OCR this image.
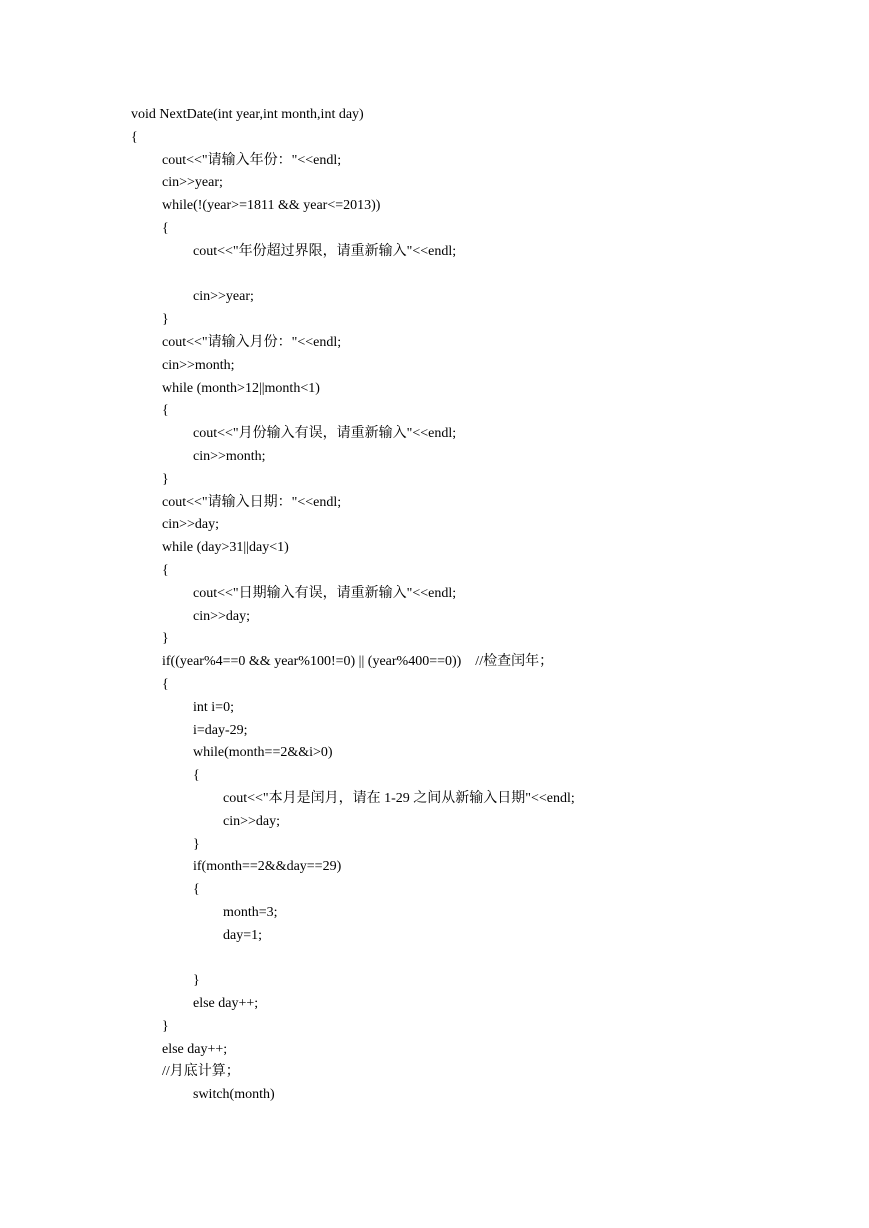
void NextDate(int year,int month,int day)
{
cout<<"请输入年份："<<endl;
cin>>year;
while(!(year>=1811 && year<=2013))
{
cout<<"年份超过界限，请重新输入"<<endl;
cin>>year;
}
cout<<"请输入月份："<<endl;
cin>>month;
while (month>12||month<1)
{
cout<<"月份输入有误，请重新输入"<<endl;
cin>>month;
}
cout<<"请输入日期："<<endl;
cin>>day;
while (day>31||day<1)
{
cout<<"日期输入有误，请重新输入"<<endl;
cin>>day;
}
if((year%4==0 && year%100!=0) || (year%400==0))    //检查闰年；
{
int i=0;
i=day-29;
while(month==2&&i>0)
{
cout<<"本月是闰月，请在 1-29 之间从新输入日期"<<endl;
cin>>day;
}
if(month==2&&day==29)
{
month=3;
day=1;
}
else day++;
}
else day++;
//月底计算；
switch(month)
